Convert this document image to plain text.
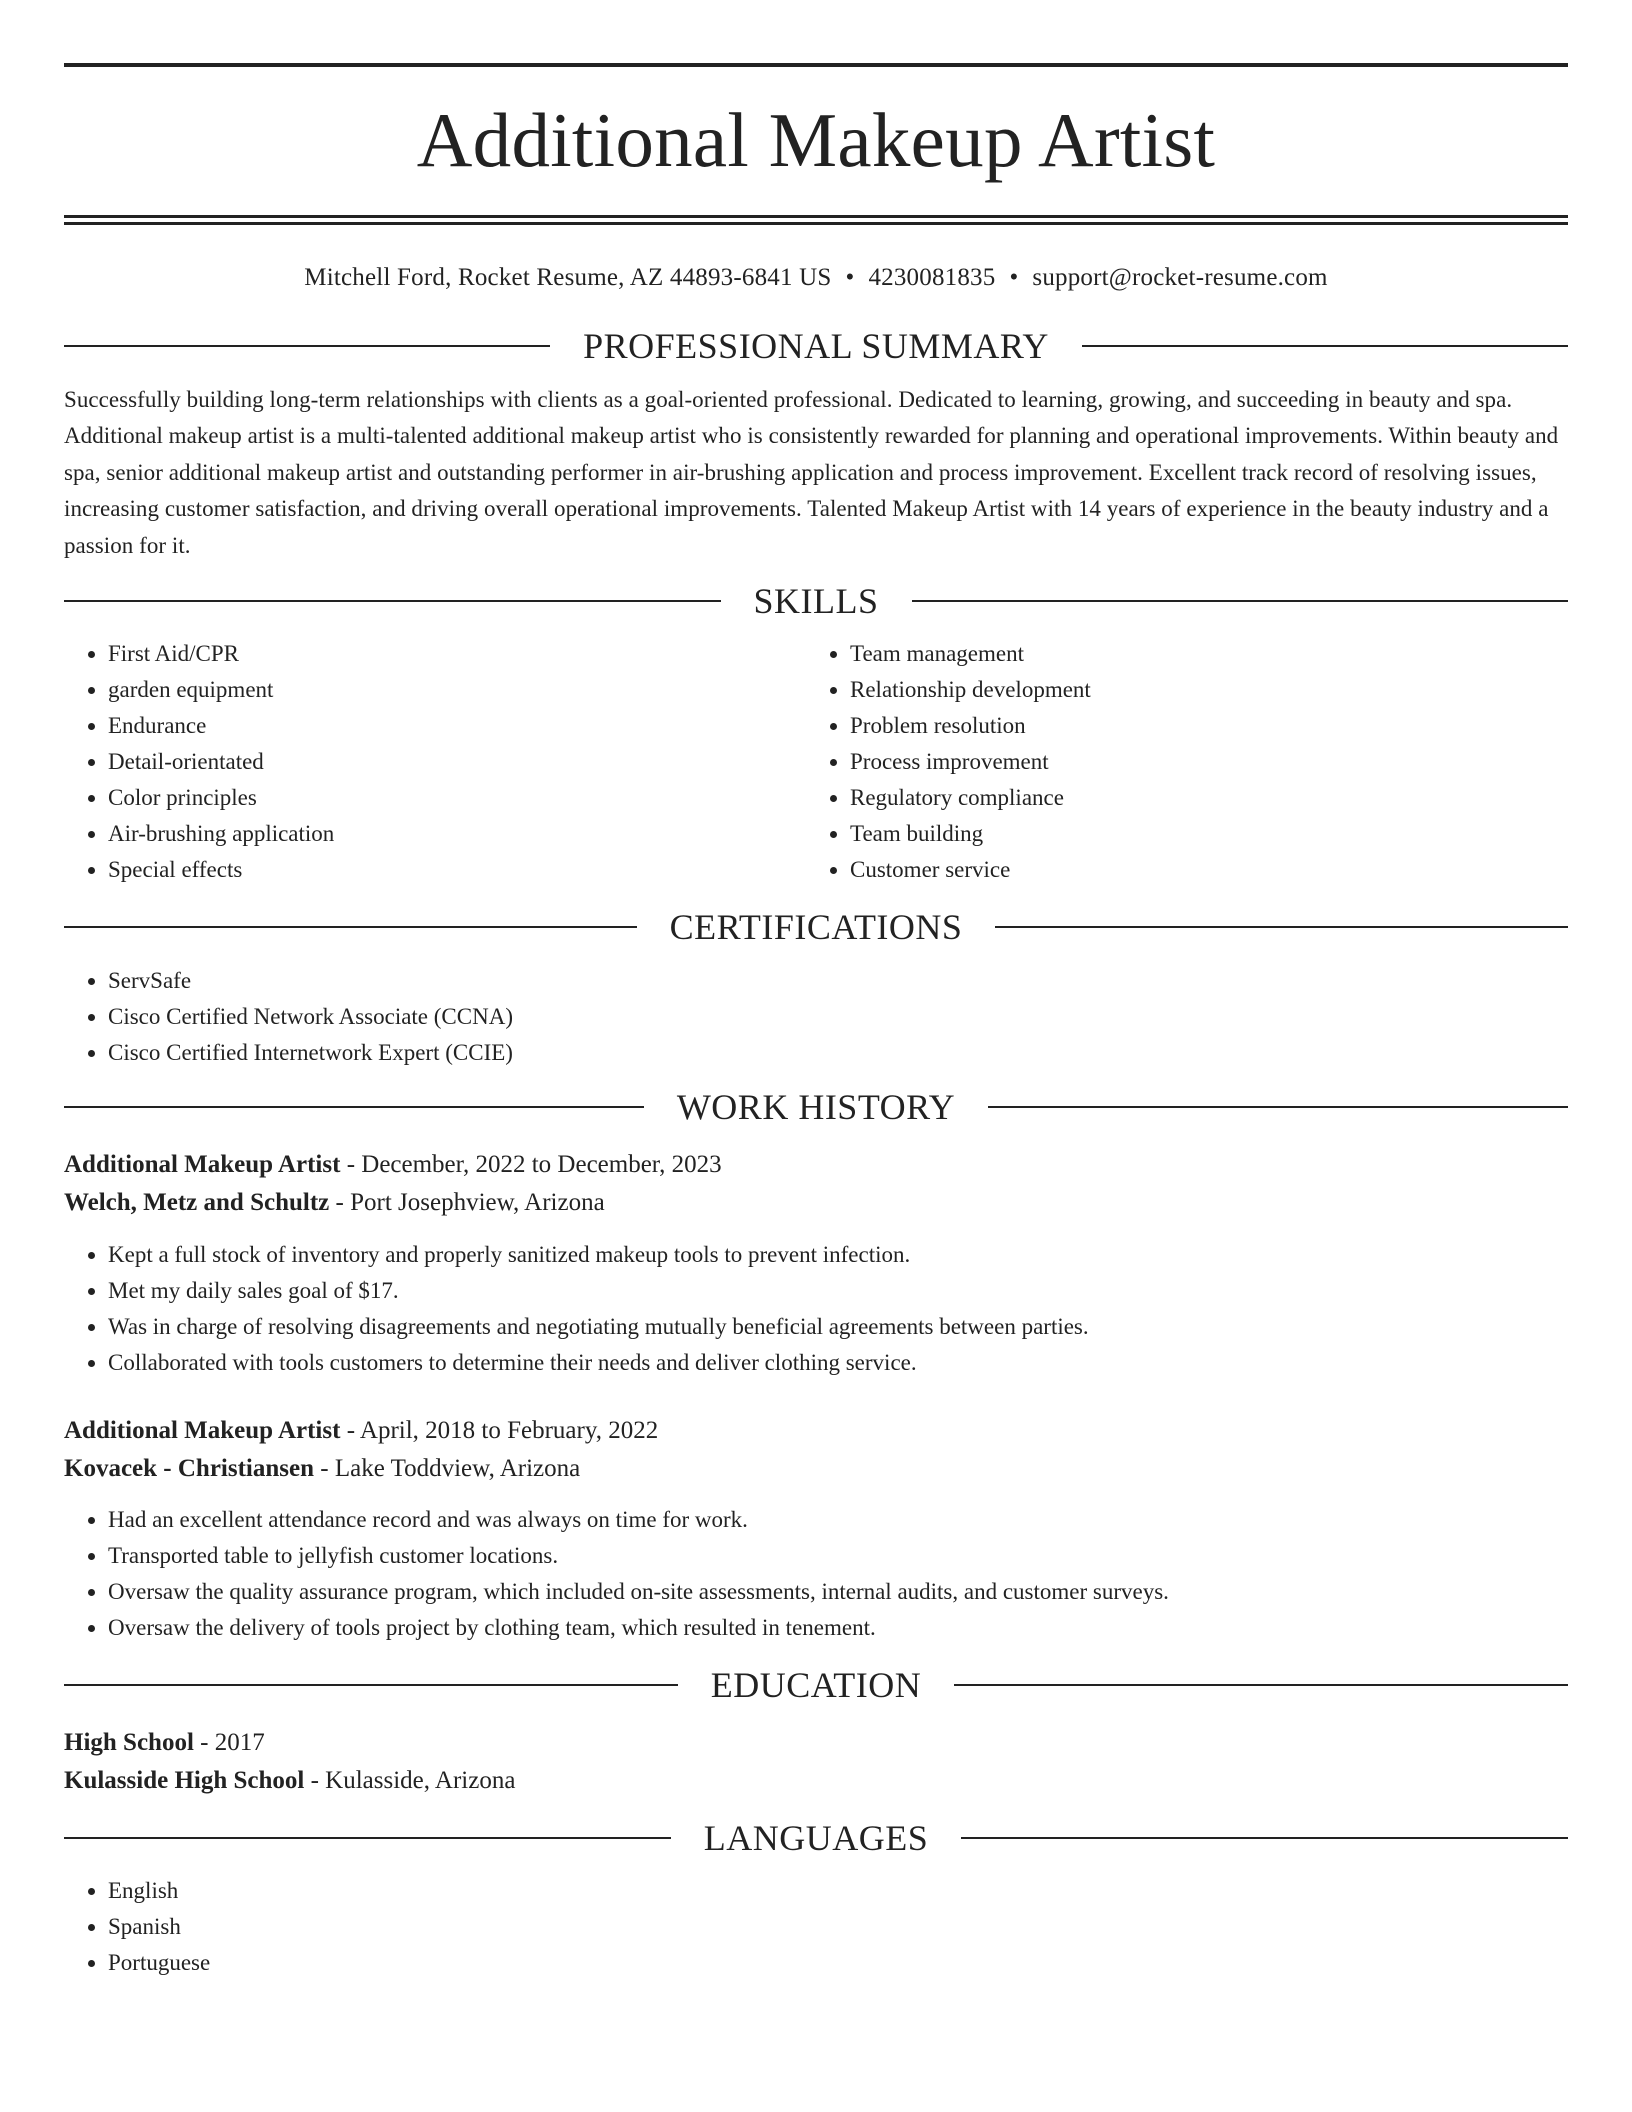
Additional Makeup Artist
Mitchell Ford, Rocket Resume, AZ 44893-6841 US • 4230081835 • support@rocket-resume.com
PROFESSIONAL SUMMARY

Successfully building long-term relationships with clients as a goal-oriented professional. Dedicated to learning, growing, and succeeding in beauty and spa. Additional makeup artist is a multi-talented additional makeup artist who is consistently rewarded for planning and operational improvements. Within beauty and spa, senior additional makeup artist and outstanding performer in air-brushing application and process improvement. Excellent track record of resolving issues, increasing customer satisfaction, and driving overall operational improvements. Talented Makeup Artist with 14 years of experience in the beauty industry and a passion for it.

SKILLS
• First Aid/CPR
• garden equipment
• Endurance
• Detail-orientated
• Color principles
• Air-brushing application
• Special effects
• Team management
• Relationship development
• Problem resolution
• Process improvement
• Regulatory compliance
• Team building
• Customer service
CERTIFICATIONS
• ServSafe
• Cisco Certified Network Associate (CCNA)
• Cisco Certified Internetwork Expert (CCIE)
WORK HISTORY
Additional Makeup Artist - December, 2022 to December, 2023
Welch, Metz and Schultz - Port Josephview, Arizona
• Kept a full stock of inventory and properly sanitized makeup tools to prevent infection.
• Met my daily sales goal of $17.
• Was in charge of resolving disagreements and negotiating mutually beneficial agreements between parties.
• Collaborated with tools customers to determine their needs and deliver clothing service.
Additional Makeup Artist - April, 2018 to February, 2022
Kovacek - Christiansen - Lake Toddview, Arizona
• Had an excellent attendance record and was always on time for work.
• Transported table to jellyfish customer locations.
• Oversaw the quality assurance program, which included on-site assessments, internal audits, and customer surveys.
• Oversaw the delivery of tools project by clothing team, which resulted in tenement.
EDUCATION
High School - 2017
Kulasside High School - Kulasside, Arizona
LANGUAGES
• English
• Spanish
• Portuguese
